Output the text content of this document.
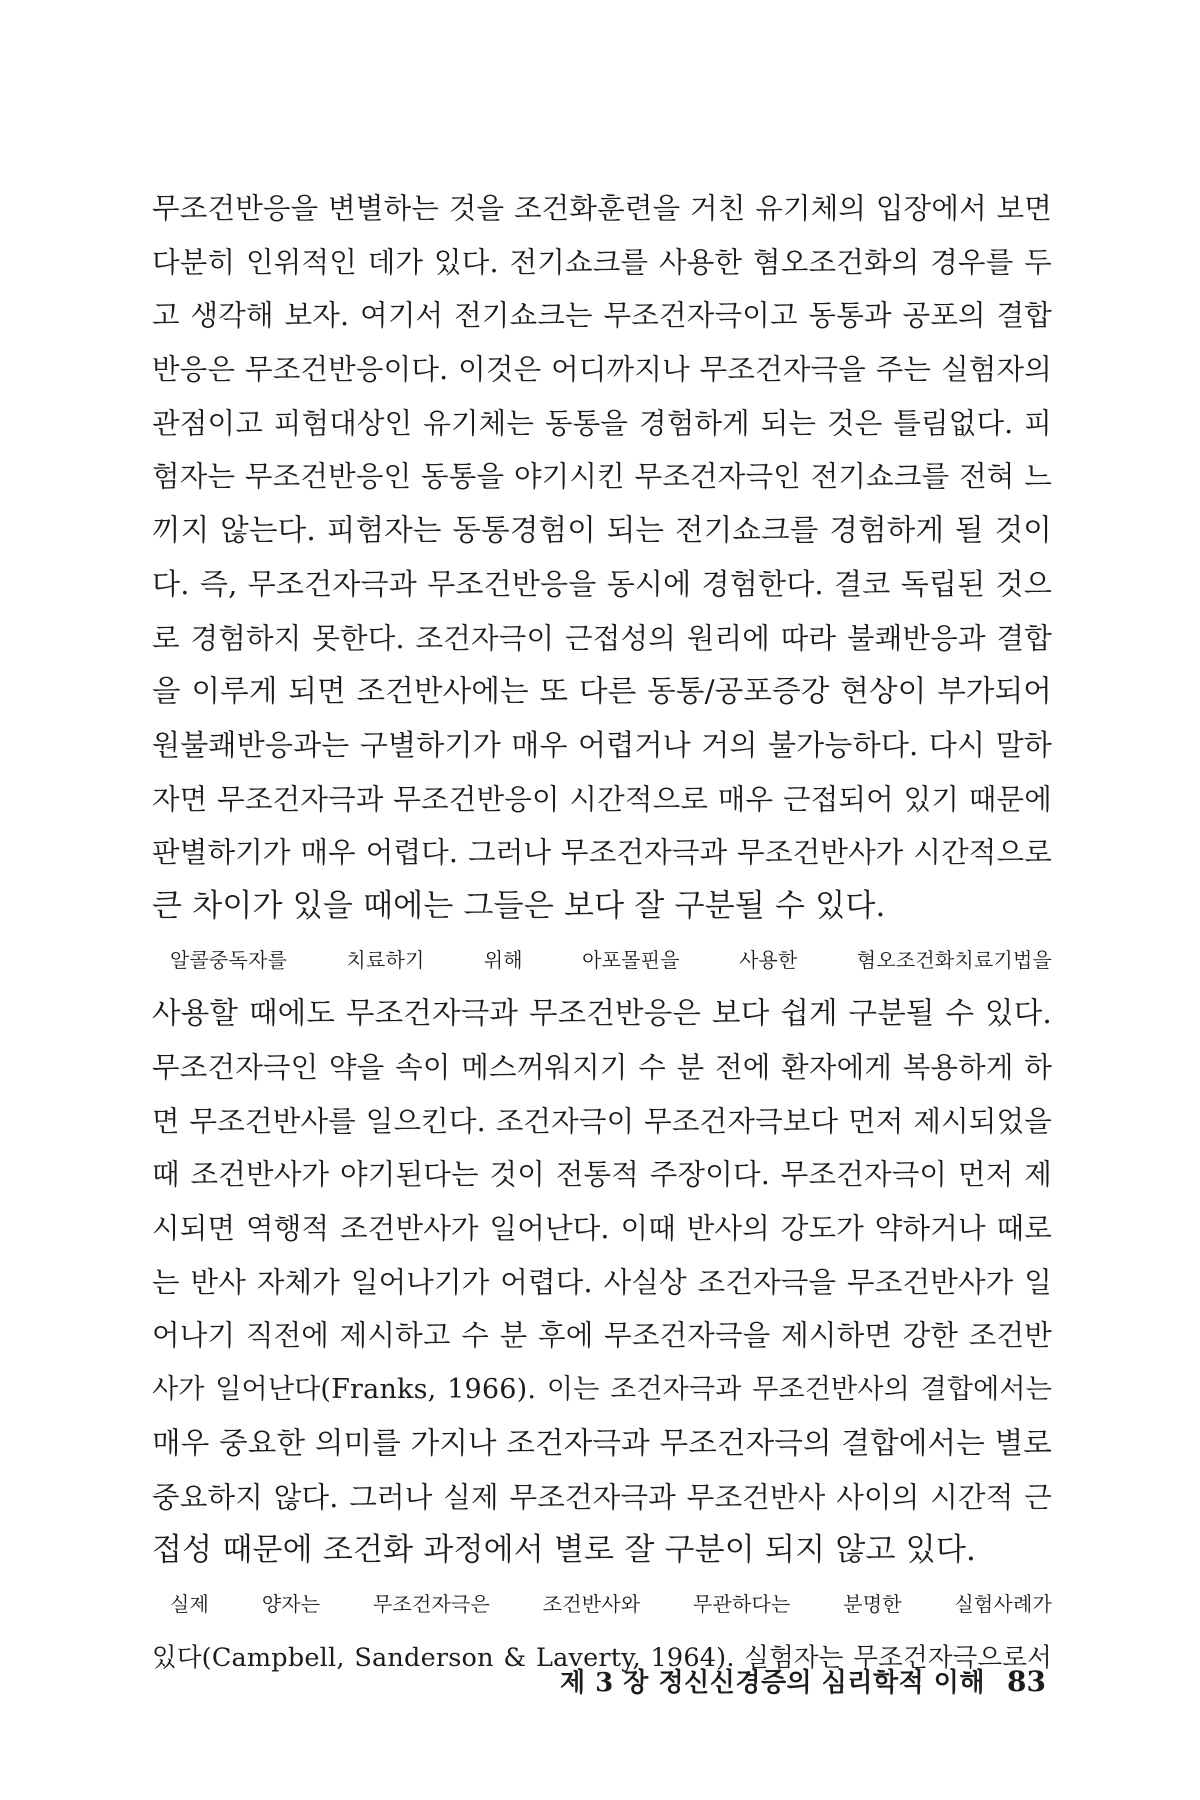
무조건반응을 변별하는 것을 조건화훈련을 거친 유기체의 입장에서 보면
다분히 인위적인 데가 있다. 전기쇼크를 사용한 혐오조건화의 경우를 두
고 생각해 보자. 여기서 전기쇼크는 무조건자극이고 동통과 공포의 결합
반응은 무조건반응이다. 이것은 어디까지나 무조건자극을 주는 실험자의
관점이고 피험대상인 유기체는 동통을 경험하게 되는 것은 틀림없다. 피
험자는 무조건반응인 동통을 야기시킨 무조건자극인 전기쇼크를 전혀 느
끼지 않는다. 피험자는 동통경험이 되는 전기쇼크를 경험하게 될 것이
다. 즉, 무조건자극과 무조건반응을 동시에 경험한다. 결코 독립된 것으
로 경험하지 못한다. 조건자극이 근접성의 원리에 따라 불쾌반응과 결합
을 이루게 되면 조건반사에는 또 다른 동통/공포증강 현상이 부가되어
원불쾌반응과는 구별하기가 매우 어렵거나 거의 불가능하다. 다시 말하
자면 무조건자극과 무조건반응이 시간적으로 매우 근접되어 있기 때문에
판별하기가 매우 어렵다. 그러나 무조건자극과 무조건반사가 시간적으로
큰 차이가 있을 때에는 그들은 보다 잘 구분될 수 있다.
알콜중독자를 치료하기 위해 아포몰핀을 사용한 혐오조건화치료기법을
사용할 때에도 무조건자극과 무조건반응은 보다 쉽게 구분될 수 있다.
무조건자극인 약을 속이 메스꺼워지기 수 분 전에 환자에게 복용하게 하
면 무조건반사를 일으킨다. 조건자극이 무조건자극보다 먼저 제시되었을
때 조건반사가 야기된다는 것이 전통적 주장이다. 무조건자극이 먼저 제
시되면 역행적 조건반사가 일어난다. 이때 반사의 강도가 약하거나 때로
는 반사 자체가 일어나기가 어렵다. 사실상 조건자극을 무조건반사가 일
어나기 직전에 제시하고 수 분 후에 무조건자극을 제시하면 강한 조건반
사가 일어난다(Franks, 1966). 이는 조건자극과 무조건반사의 결합에서는
매우 중요한 의미를 가지나 조건자극과 무조건자극의 결합에서는 별로
중요하지 않다. 그러나 실제 무조건자극과 무조건반사 사이의 시간적 근
접성 때문에 조건화 과정에서 별로 잘 구분이 되지 않고 있다.
실제 양자는 무조건자극은 조건반사와 무관하다는 분명한 실험사례가
있다(Campbell, Sanderson & Laverty, 1964). 실험자는 무조건자극으로서
제 3 장 정신신경증의 심리학적 이해 83
